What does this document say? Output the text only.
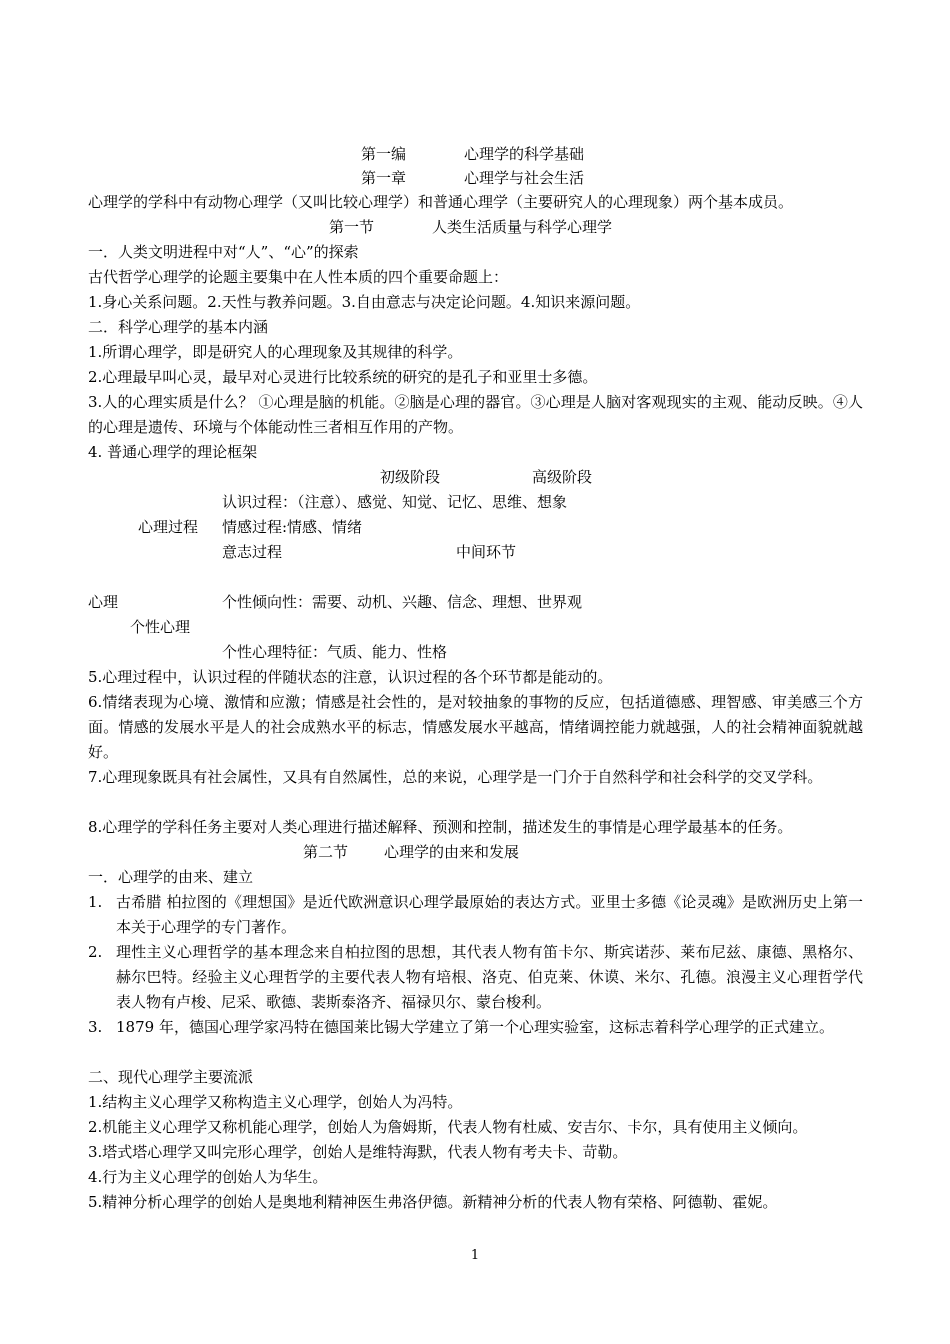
第一编	心理学的科学基础
第一章	心理学与社会生活
心理学的学科中有动物心理学（又叫比较心理学）和普通心理学（主要研究人的心理现象）两个基本成员。
第一节	人类生活质量与科学心理学
一．人类文明进程中对“人”、“心”的探索
古代哲学心理学的论题主要集中在人性本质的四个重要命题上：
1.身心关系问题。2.天性与教养问题。3.自由意志与决定论问题。4.知识来源问题。
二．科学心理学的基本内涵
1.所谓心理学，即是研究人的心理现象及其规律的科学。
2.心理最早叫心灵，最早对心灵进行比较系统的研究的是孔子和亚里士多德。
3.人的心理实质是什么？ ①心理是脑的机能。②脑是心理的器官。③心理是人脑对客观现实的主观、能动反映。④人的心理是遗传、环境与个体能动性三者相互作用的产物。
4. 普通心理学的理论框架
初级阶段	高级阶段
认识过程：（注意）、感觉、知觉、记忆、思维、想象
心理过程 情感过程:情感、情绪
意志过程	中间环节
心理	个性倾向性：需要、动机、兴趣、信念、理想、世界观
个性心理
个性心理特征：气质、能力、性格
5.心理过程中，认识过程的伴随状态的注意，认识过程的各个环节都是能动的。
6.情绪表现为心境、激情和应激；情感是社会性的，是对较抽象的事物的反应，包括道德感、理智感、审美感三个方面。情感的发展水平是人的社会成熟水平的标志，情感发展水平越高，情绪调控能力就越强，人的社会精神面貌就越好。
7.心理现象既具有社会属性，又具有自然属性，总的来说，心理学是一门介于自然科学和社会科学的交叉学科。
8.心理学的学科任务主要对人类心理进行描述解释、预测和控制，描述发生的事情是心理学最基本的任务。
第二节 心理学的由来和发展
一．心理学的由来、建立
1. 古希腊 柏拉图的《理想国》是近代欧洲意识心理学最原始的表达方式。亚里士多德《论灵魂》是欧洲历史上第一本关于心理学的专门著作。
2. 理性主义心理哲学的基本理念来自柏拉图的思想，其代表人物有笛卡尔、斯宾诺莎、莱布尼兹、康德、黑格尔、赫尔巴特。经验主义心理哲学的主要代表人物有培根、洛克、伯克莱、休谟、米尔、孔德。浪漫主义心理哲学代表人物有卢梭、尼采、歌德、裴斯泰洛齐、福禄贝尔、蒙台梭利。
3. 1879 年，德国心理学家冯特在德国莱比锡大学建立了第一个心理实验室，这标志着科学心理学的正式建立。
二、现代心理学主要流派
1.结构主义心理学又称构造主义心理学，创始人为冯特。
2.机能主义心理学又称机能心理学，创始人为詹姆斯，代表人物有杜威、安吉尔、卡尔，具有使用主义倾向。
3.塔式塔心理学又叫完形心理学，创始人是维特海默，代表人物有考夫卡、苛勒。
4.行为主义心理学的创始人为华生。
5.精神分析心理学的创始人是奥地利精神医生弗洛伊德。新精神分析的代表人物有荣格、阿德勒、霍妮。
1
